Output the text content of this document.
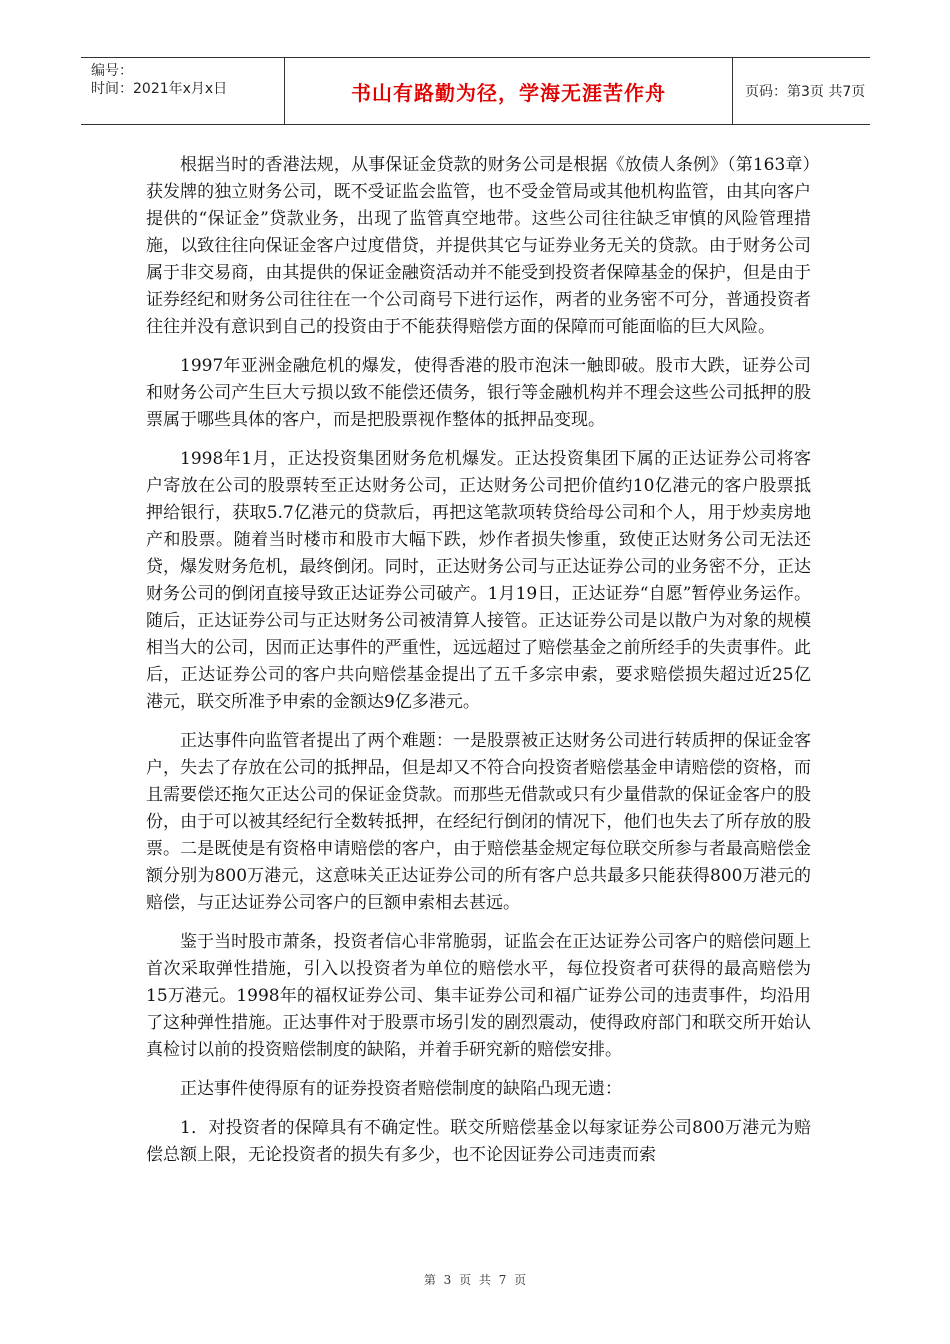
编号：
时间：2021年x月x日	书山有路勤为径，学海无涯苦作舟	页码：第3页 共7页

根据当时的香港法规，从事保证金贷款的财务公司是根据《放债人条例》（第163章）获发牌的独立财务公司，既不受证监会监管，也不受金管局或其他机构监管，由其向客户提供的“保证金”贷款业务，出现了监管真空地带。这些公司往往缺乏审慎的风险管理措施，以致往往向保证金客户过度借贷，并提供其它与证券业务无关的贷款。由于财务公司属于非交易商，由其提供的保证金融资活动并不能受到投资者保障基金的保护，但是由于证券经纪和财务公司往往在一个公司商号下进行运作，两者的业务密不可分，普通投资者往往并没有意识到自己的投资由于不能获得赔偿方面的保障而可能面临的巨大风险。

1997年亚洲金融危机的爆发，使得香港的股市泡沫一触即破。股市大跌，证券公司和财务公司产生巨大亏损以致不能偿还债务，银行等金融机构并不理会这些公司抵押的股票属于哪些具体的客户，而是把股票视作整体的抵押品变现。

1998年1月，正达投资集团财务危机爆发。正达投资集团下属的正达证券公司将客户寄放在公司的股票转至正达财务公司，正达财务公司把价值约10亿港元的客户股票抵押给银行，获取5.7亿港元的贷款后，再把这笔款项转贷给母公司和个人，用于炒卖房地产和股票。随着当时楼市和股市大幅下跌，炒作者损失惨重，致使正达财务公司无法还贷，爆发财务危机，最终倒闭。同时，正达财务公司与正达证券公司的业务密不分，正达财务公司的倒闭直接导致正达证券公司破产。1月19日，正达证券“自愿”暂停业务运作。随后，正达证券公司与正达财务公司被清算人接管。正达证券公司是以散户为对象的规模相当大的公司，因而正达事件的严重性，远远超过了赔偿基金之前所经手的失责事件。此后，正达证券公司的客户共向赔偿基金提出了五千多宗申索，要求赔偿损失超过近25亿港元，联交所准予申索的金额达9亿多港元。

正达事件向监管者提出了两个难题：一是股票被正达财务公司进行转质押的保证金客户，失去了存放在公司的抵押品，但是却又不符合向投资者赔偿基金申请赔偿的资格，而且需要偿还拖欠正达公司的保证金贷款。而那些无借款或只有少量借款的保证金客户的股份，由于可以被其经纪行全数转抵押，在经纪行倒闭的情况下，他们也失去了所存放的股票。二是既使是有资格申请赔偿的客户，由于赔偿基金规定每位联交所参与者最高赔偿金额分别为800万港元，这意味关正达证券公司的所有客户总共最多只能获得800万港元的赔偿，与正达证券公司客户的巨额申索相去甚远。

鉴于当时股市萧条，投资者信心非常脆弱，证监会在正达证券公司客户的赔偿问题上首次采取弹性措施，引入以投资者为单位的赔偿水平，每位投资者可获得的最高赔偿为15万港元。1998年的福权证券公司、集丰证券公司和福广证券公司的违责事件，均沿用了这种弹性措施。正达事件对于股票市场引发的剧烈震动，使得政府部门和联交所开始认真检讨以前的投资赔偿制度的缺陷，并着手研究新的赔偿安排。

正达事件使得原有的证券投资者赔偿制度的缺陷凸现无遗：

1．对投资者的保障具有不确定性。联交所赔偿基金以每家证券公司800万港元为赔偿总额上限，无论投资者的损失有多少，也不论因证券公司违责而索

第 3 页 共 7 页
